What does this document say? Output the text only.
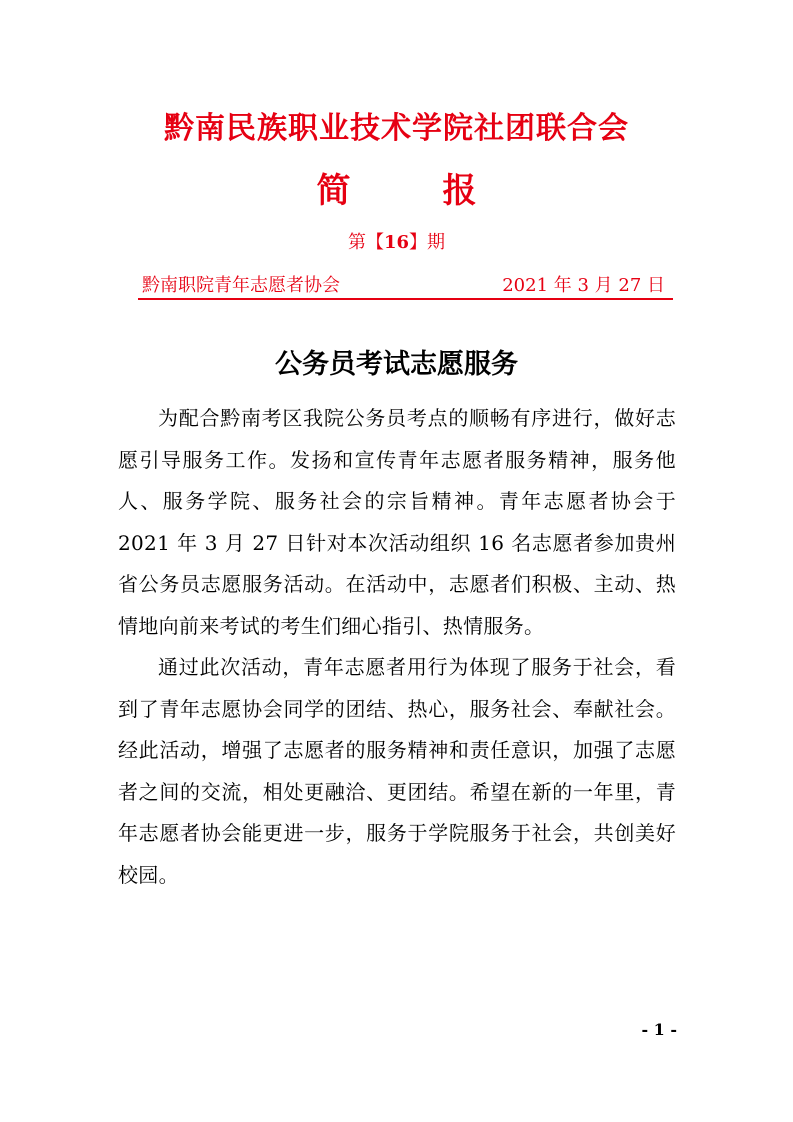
黔南民族职业技术学院社团联合会
简	报
第【16】期
黔南职院青年志愿者协会	2021 年 3 月 27 日
公务员考试志愿服务

为配合黔南考区我院公务员考点的顺畅有序进行，做好志愿引导服务工作。发扬和宣传青年志愿者服务精神，服务他人、服务学院、服务社会的宗旨精神。青年志愿者协会于 2021 年 3 月 27 日针对本次活动组织 16 名志愿者参加贵州省公务员志愿服务活动。在活动中，志愿者们积极、主动、热情地向前来考试的考生们细心指引、热情服务。

通过此次活动，青年志愿者用行为体现了服务于社会，看到了青年志愿协会同学的团结、热心，服务社会、奉献社会。经此活动，增强了志愿者的服务精神和责任意识，加强了志愿者之间的交流，相处更融洽、更团结。希望在新的一年里，青年志愿者协会能更进一步，服务于学院服务于社会，共创美好校园。

- 1 -
